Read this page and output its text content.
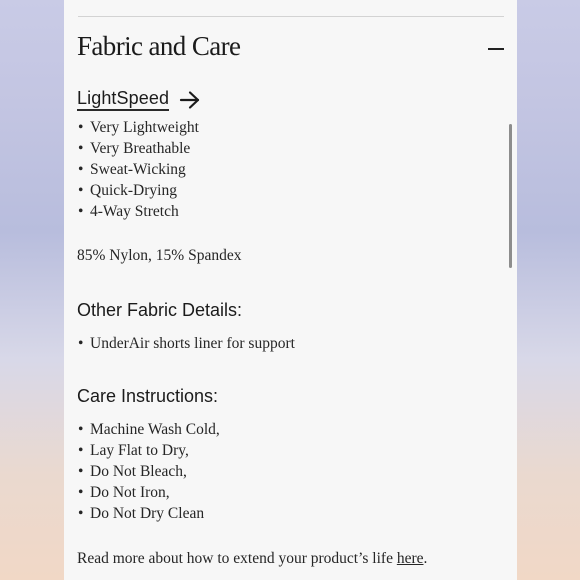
Fabric and Care
LightSpeed
• Very Lightweight
• Very Breathable
• Sweat-Wicking
• Quick-Drying
• 4-Way Stretch
85% Nylon, 15% Spandex
Other Fabric Details:
• UnderAir shorts liner for support
Care Instructions:
• Machine Wash Cold,
• Lay Flat to Dry,
• Do Not Bleach,
• Do Not Iron,
• Do Not Dry Clean
Read more about how to extend your product’s life here.
